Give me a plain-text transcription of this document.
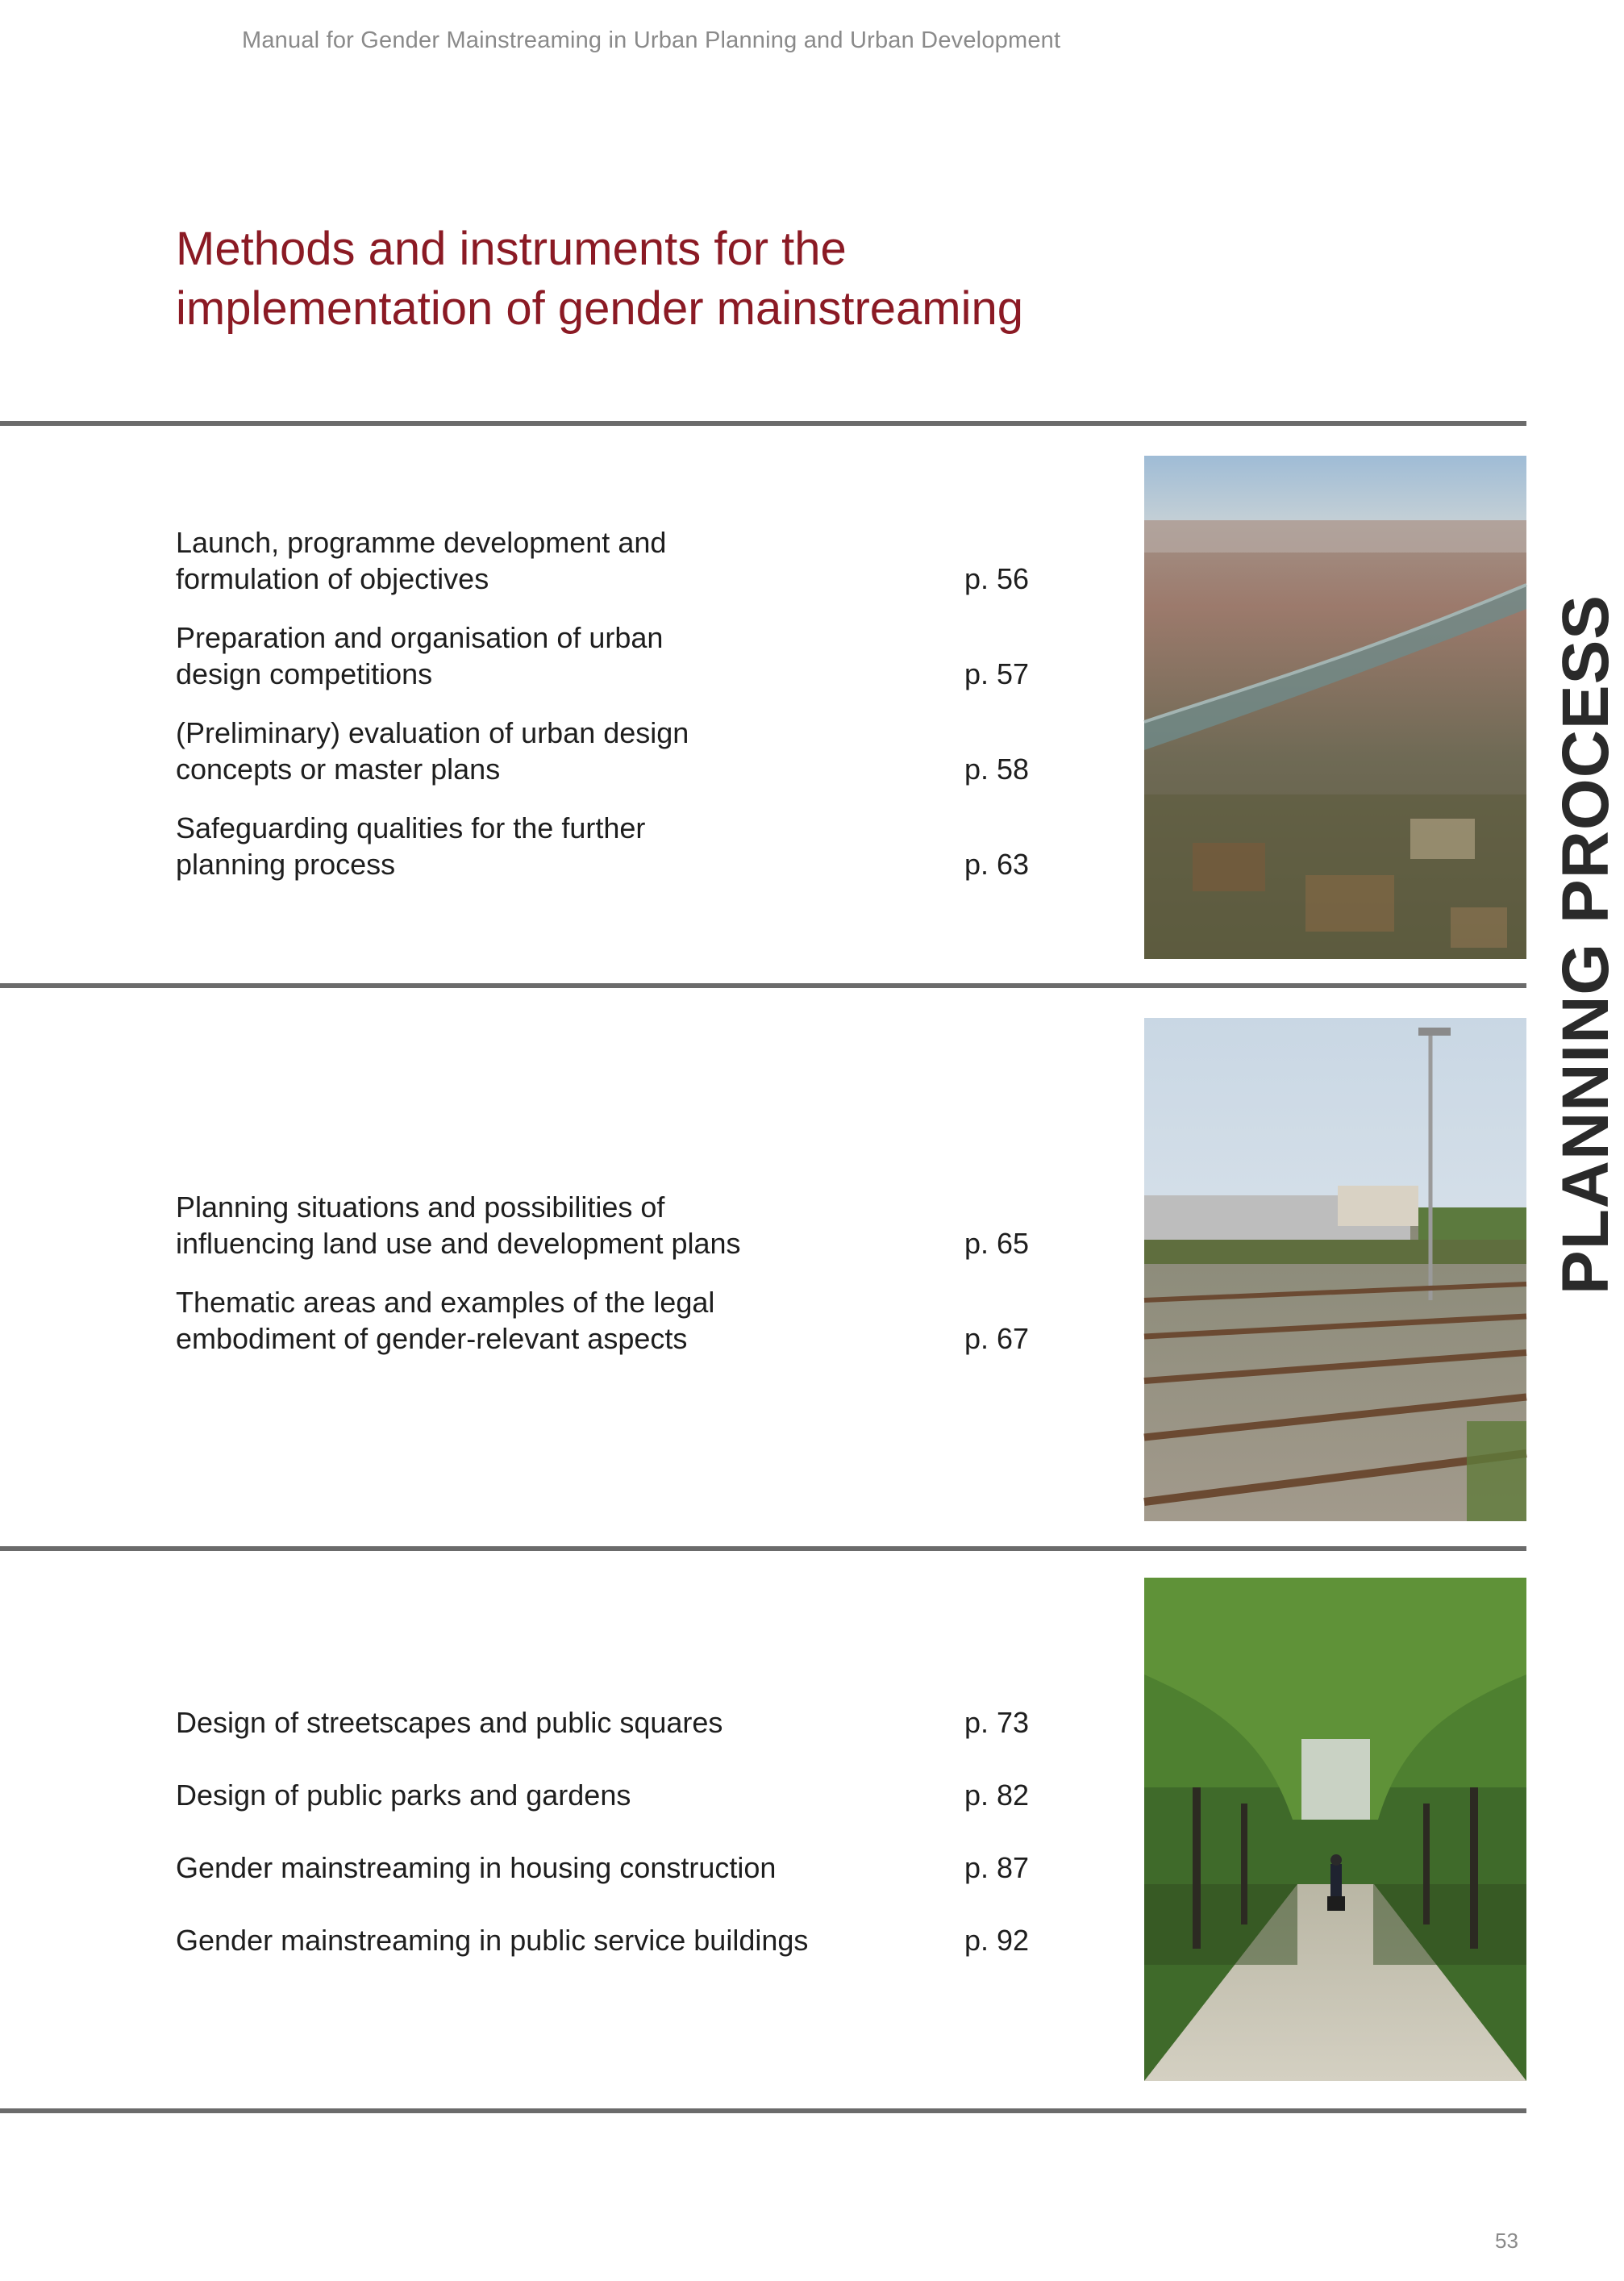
Manual for Gender Mainstreaming in Urban Planning and Urban Development
Methods and instruments for the
implementation of gender mainstreaming
Launch, programme development and
formulation of objectives	p. 56
Preparation and organisation of urban
design competitions	p. 57
(Preliminary) evaluation of urban design
concepts or master plans	p. 58
Safeguarding qualities for the further
planning process	p. 63
Planning situations and possibilities of
influencing land use and development plans	p. 65
Thematic areas and examples of the legal
embodiment of gender-relevant aspects	p. 67
Design of streetscapes and public squares	p. 73
Design of public parks and gardens	p. 82
Gender mainstreaming in housing construction	p. 87
Gender mainstreaming in public service buildings	p. 92
PLANNING PROCESS
53
